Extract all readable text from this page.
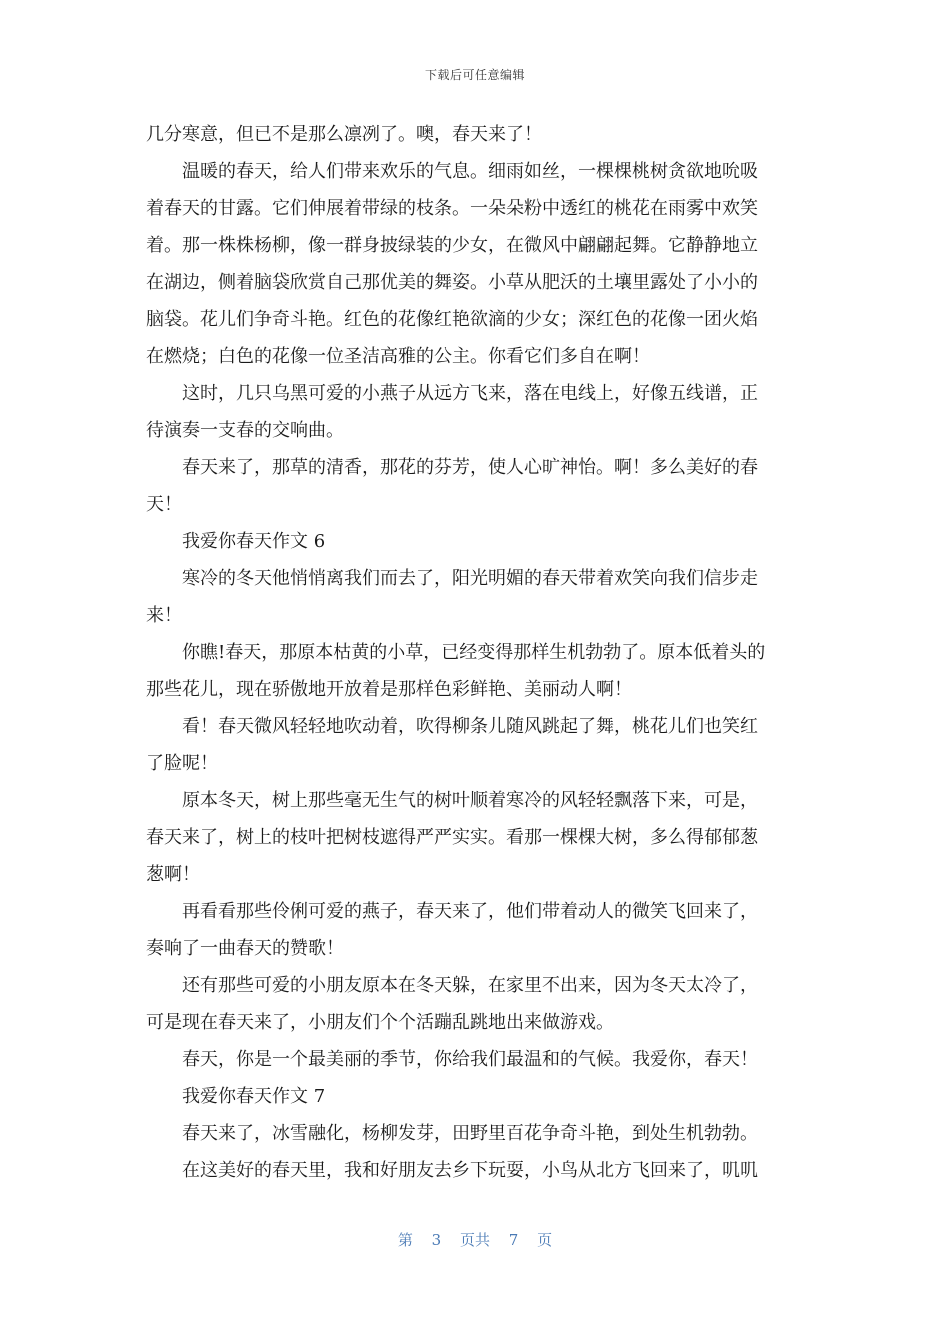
下载后可任意编辑
几分寒意，但已不是那么凛冽了。噢，春天来了！
温暖的春天，给人们带来欢乐的气息。细雨如丝，一棵棵桃树贪欲地吮吸
着春天的甘露。它们伸展着带绿的枝条。一朵朵粉中透红的桃花在雨雾中欢笑
着。那一株株杨柳，像一群身披绿装的少女，在微风中翩翩起舞。它静静地立
在湖边，侧着脑袋欣赏自己那优美的舞姿。小草从肥沃的土壤里露处了小小的
脑袋。花儿们争奇斗艳。红色的花像红艳欲滴的少女；深红色的花像一团火焰
在燃烧；白色的花像一位圣洁高雅的公主。你看它们多自在啊！
这时，几只乌黑可爱的小燕子从远方飞来，落在电线上，好像五线谱，正
待演奏一支春的交响曲。
春天来了，那草的清香，那花的芬芳，使人心旷神怡。啊！多么美好的春
天！
我爱你春天作文 6
寒冷的冬天他悄悄离我们而去了，阳光明媚的春天带着欢笑向我们信步走
来！
你瞧!春天，那原本枯黄的小草，已经变得那样生机勃勃了。原本低着头的
那些花儿，现在骄傲地开放着是那样色彩鲜艳、美丽动人啊！
看！春天微风轻轻地吹动着，吹得柳条儿随风跳起了舞，桃花儿们也笑红
了脸呢！
原本冬天，树上那些毫无生气的树叶顺着寒冷的风轻轻飘落下来，可是，
春天来了，树上的枝叶把树枝遮得严严实实。看那一棵棵大树，多么得郁郁葱
葱啊！
再看看那些伶俐可爱的燕子，春天来了，他们带着动人的微笑飞回来了，
奏响了一曲春天的赞歌！
还有那些可爱的小朋友原本在冬天躲，在家里不出来，因为冬天太冷了，
可是现在春天来了，小朋友们个个活蹦乱跳地出来做游戏。
春天，你是一个最美丽的季节，你给我们最温和的气候。我爱你，春天！
我爱你春天作文 7
春天来了，冰雪融化，杨柳发芽，田野里百花争奇斗艳，到处生机勃勃。
在这美好的春天里，我和好朋友去乡下玩耍，小鸟从北方飞回来了，叽叽
第 3 页共 7 页
